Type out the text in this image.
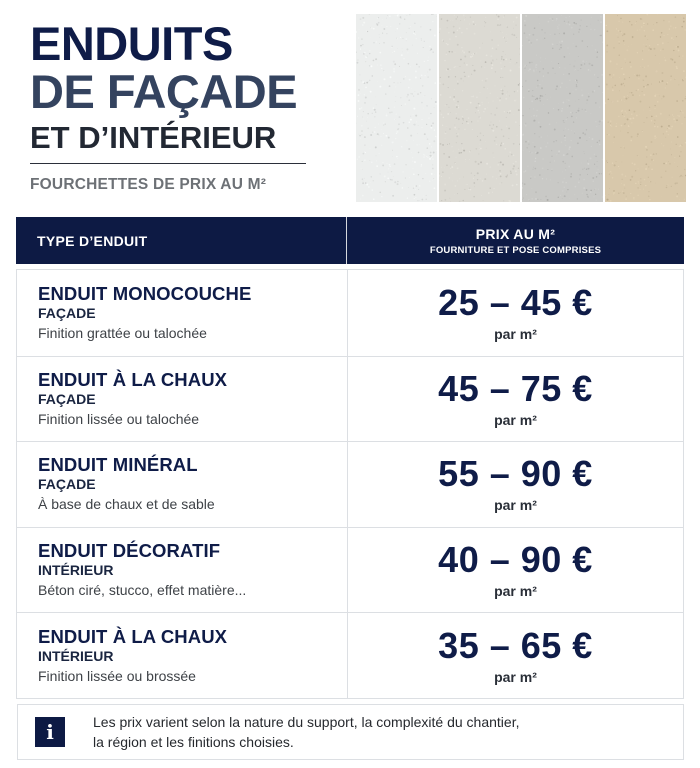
ENDUITS
DE FAÇADE
ET D’INTÉRIEUR
FOURCHETTES DE PRIX AU M²
TYPE D’ENDUIT	PRIX AU M²
FOURNITURE ET POSE COMPRISES
ENDUIT MONOCOUCHE
FAÇADE
Finition grattée ou talochée
25 – 45 €
par m²
ENDUIT À LA CHAUX
FAÇADE
Finition lissée ou talochée
45 – 75 €
par m²
ENDUIT MINÉRAL
FAÇADE
À base de chaux et de sable
55 – 90 €
par m²
ENDUIT DÉCORATIF
INTÉRIEUR
Béton ciré, stucco, effet matière...
40 – 90 €
par m²
ENDUIT À LA CHAUX
INTÉRIEUR
Finition lissée ou brossée
35 – 65 €
par m²
i	Les prix varient selon la nature du support, la complexité du chantier,
la région et les finitions choisies.
